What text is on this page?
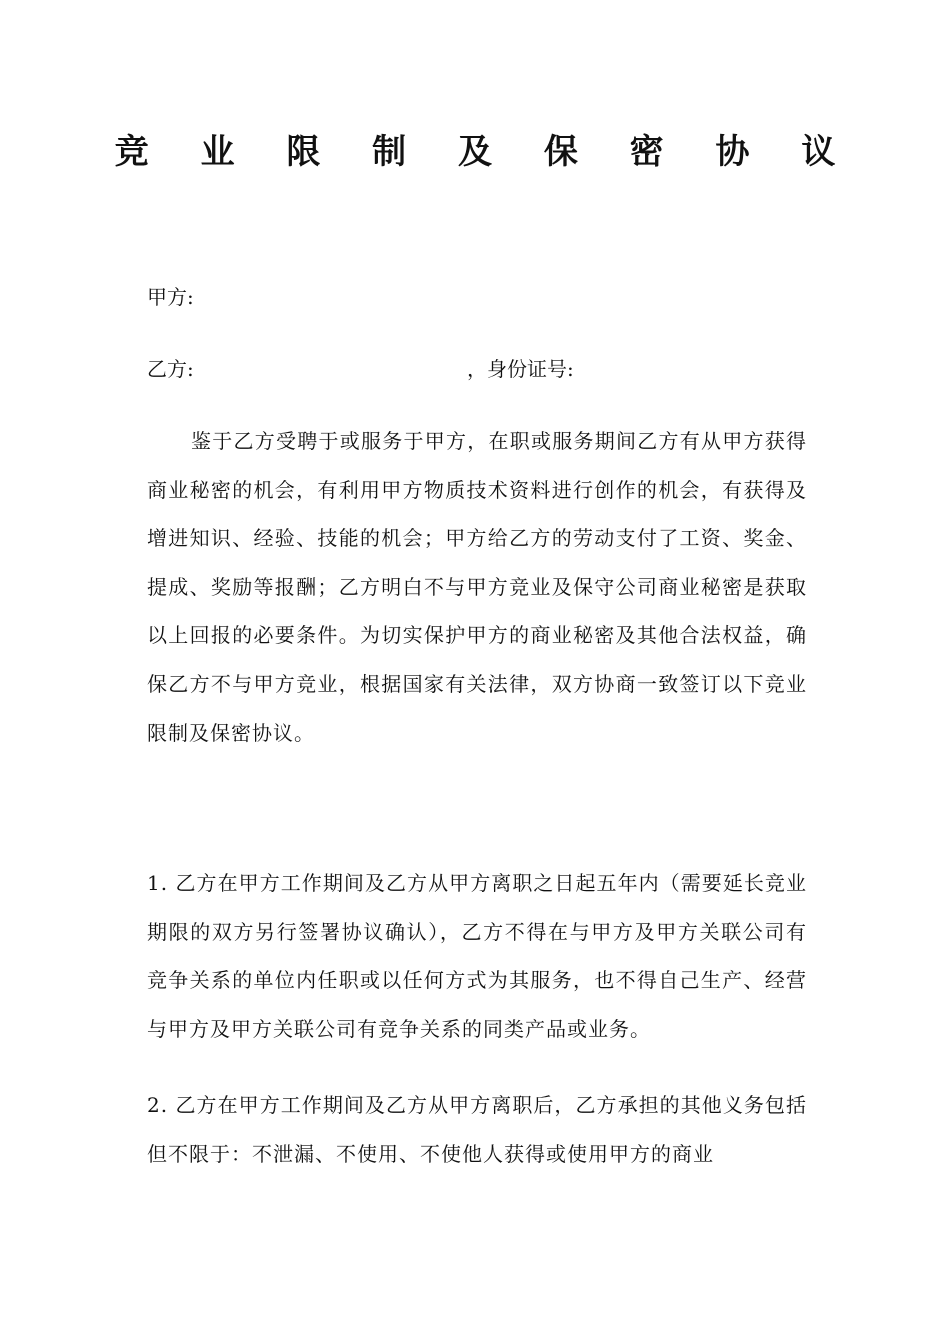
竞 业 限 制 及 保 密 协 议
甲方:
乙方:	，身份证号:
鉴于乙方受聘于或服务于甲方，在职或服务期间乙方有从甲方获得商业秘密的机会，有利用甲方物质技术资料进行创作的机会，有获得及增进知识、经验、技能的机会；甲方给乙方的劳动支付了工资、奖金、提成、奖励等报酬；乙方明白不与甲方竞业及保守公司商业秘密是获取以上回报的必要条件。为切实保护甲方的商业秘密及其他合法权益，确保乙方不与甲方竞业，根据国家有关法律，双方协商一致签订以下竞业限制及保密协议。
1. 乙方在甲方工作期间及乙方从甲方离职之日起五年内（需要延长竞业期限的双方另行签署协议确认），乙方不得在与甲方及甲方关联公司有竞争关系的单位内任职或以任何方式为其服务，也不得自己生产、经营与甲方及甲方关联公司有竞争关系的同类产品或业务。
2. 乙方在甲方工作期间及乙方从甲方离职后，乙方承担的其他义务包括但不限于：不泄漏、不使用、不使他人获得或使用甲方的商业
